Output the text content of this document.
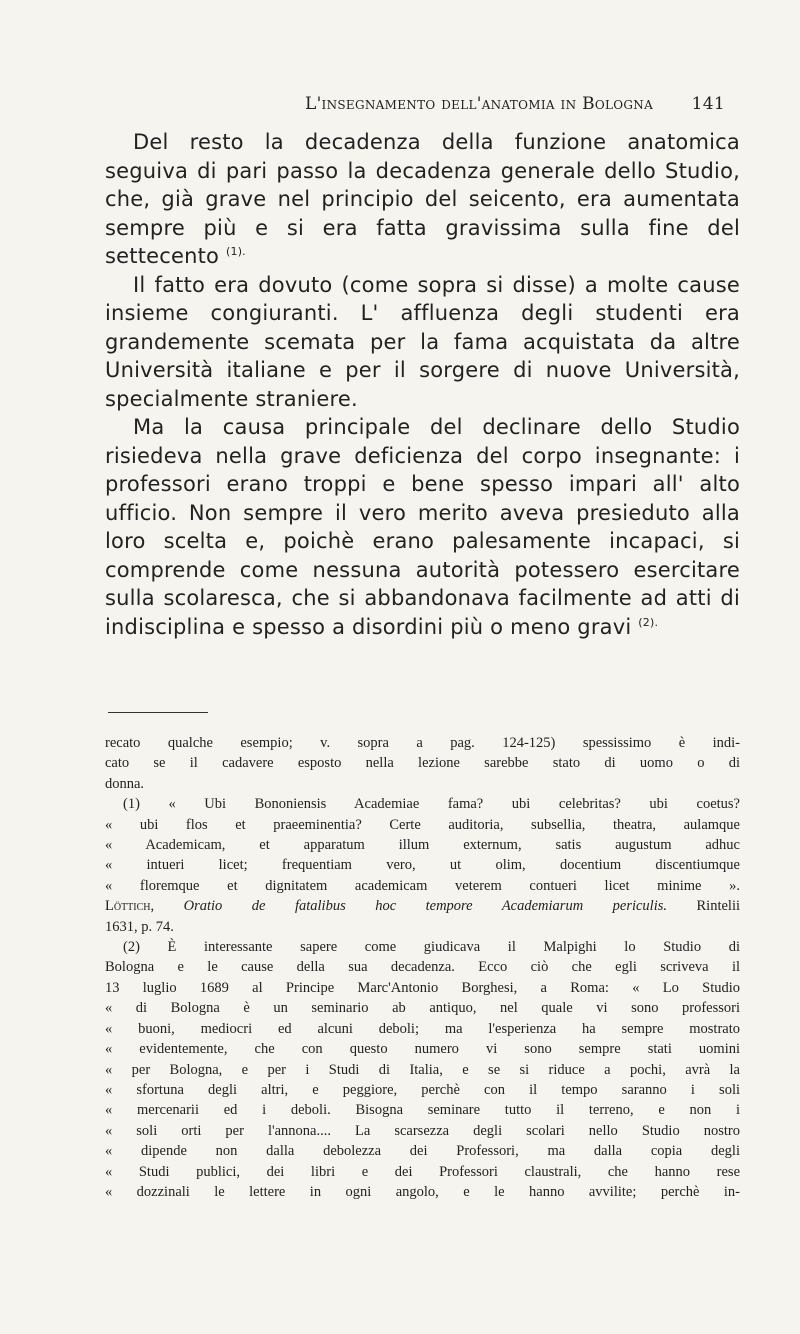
L'insegnamento dell'anatomia in Bologna 141

Del resto la decadenza della funzione anatomica seguiva di pari passo la decadenza generale dello Studio, che, già grave nel principio del seicento, era aumentata sempre più e si era fatta gravissima sulla fine del settecento $^{(1).}$

Il fatto era dovuto (come sopra si disse) a molte cause insieme congiuranti. L' affluenza degli studenti era grandemente scemata per la fama acquistata da altre Università italiane e per il sorgere di nuove Università, specialmente straniere.

Ma la causa principale del declinare dello Studio risiedeva nella grave deficienza del corpo insegnante: i professori erano troppi e bene spesso impari all' alto ufficio. Non sempre il vero merito aveva presieduto alla loro scelta e, poichè erano palesamente incapaci, si comprende come nessuna autorità potessero esercitare sulla scolaresca, che si abbandonava facilmente ad atti di indisciplina e spesso a disordini più o meno gravi $^{(2).}$

recato qualche esempio; v. sopra a pag. 124-125) spessissimo è indi-
cato se il cadavere esposto nella lezione sarebbe stato di uomo o di
donna.
(1) « Ubi Bononiensis Academiae fama? ubi celebritas? ubi coetus?
« ubi flos et praeeminentia? Certe auditoria, subsellia, theatra, aulamque
« Academicam, et apparatum illum externum, satis augustum adhuc
« intueri licet; frequentiam vero, ut olim, docentium discentiumque
« floremque et dignitatem academicam veterem contueri licet minime ».
Löttich, Oratio de fatalibus hoc tempore Academiarum periculis. Rintelii
1631, p. 74.
(2) È interessante sapere come giudicava il Malpighi lo Studio di
Bologna e le cause della sua decadenza. Ecco ciò che egli scriveva il
13 luglio 1689 al Principe Marc'Antonio Borghesi, a Roma: « Lo Studio
« di Bologna è un seminario ab antiquo, nel quale vi sono professori
« buoni, mediocri ed alcuni deboli; ma l'esperienza ha sempre mostrato
« evidentemente, che con questo numero vi sono sempre stati uomini
« per Bologna, e per i Studi di Italia, e se si riduce a pochi, avrà la
« sfortuna degli altri, e peggiore, perchè con il tempo saranno i soli
« mercenarii ed i deboli. Bisogna seminare tutto il terreno, e non i
« soli orti per l'annona.... La scarsezza degli scolari nello Studio nostro
« dipende non dalla debolezza dei Professori, ma dalla copia degli
« Studi publici, dei libri e dei Professori claustrali, che hanno rese
« dozzinali le lettere in ogni angolo, e le hanno avvilite; perchè in-
